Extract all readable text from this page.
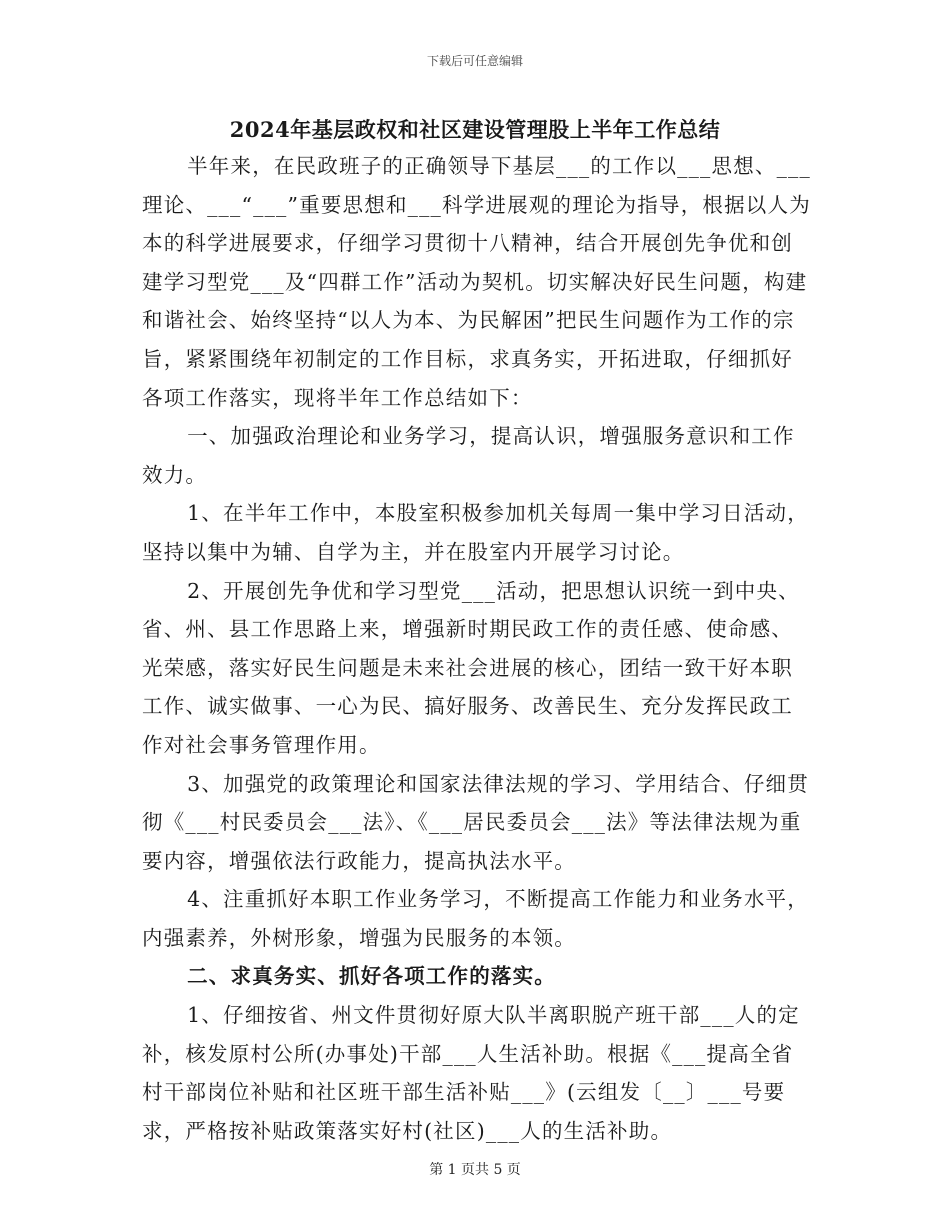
下载后可任意编辑
2024年基层政权和社区建设管理股上半年工作总结

半年来，在民政班子的正确领导下基层___的工作以___思想、___理论、___“___”重要思想和___科学进展观的理论为指导，根据以人为本的科学进展要求，仔细学习贯彻十八精神，结合开展创先争优和创建学习型党___及“四群工作”活动为契机。切实解决好民生问题，构建和谐社会、始终坚持“以人为本、为民解困”把民生问题作为工作的宗旨，紧紧围绕年初制定的工作目标，求真务实，开拓进取，仔细抓好各项工作落实，现将半年工作总结如下：

一、加强政治理论和业务学习，提高认识，增强服务意识和工作效力。

1、在半年工作中，本股室积极参加机关每周一集中学习日活动，坚持以集中为辅、自学为主，并在股室内开展学习讨论。

2、开展创先争优和学习型党___活动，把思想认识统一到中央、省、州、县工作思路上来，增强新时期民政工作的责任感、使命感、光荣感，落实好民生问题是未来社会进展的核心，团结一致干好本职工作、诚实做事、一心为民、搞好服务、改善民生、充分发挥民政工作对社会事务管理作用。

3、加强党的政策理论和国家法律法规的学习、学用结合、仔细贯彻《___村民委员会___法》、《___居民委员会___法》等法律法规为重要内容，增强依法行政能力，提高执法水平。

4、注重抓好本职工作业务学习，不断提高工作能力和业务水平，内强素养，外树形象，增强为民服务的本领。

二、求真务实、抓好各项工作的落实。

1、仔细按省、州文件贯彻好原大队半离职脱产班干部___人的定补，核发原村公所(办事处)干部___人生活补助。根据《___提高全省村干部岗位补贴和社区班干部生活补贴___》(云组发〔__〕___号要求，严格按补贴政策落实好村(社区)___人的生活补助。

第 1 页共 5 页
